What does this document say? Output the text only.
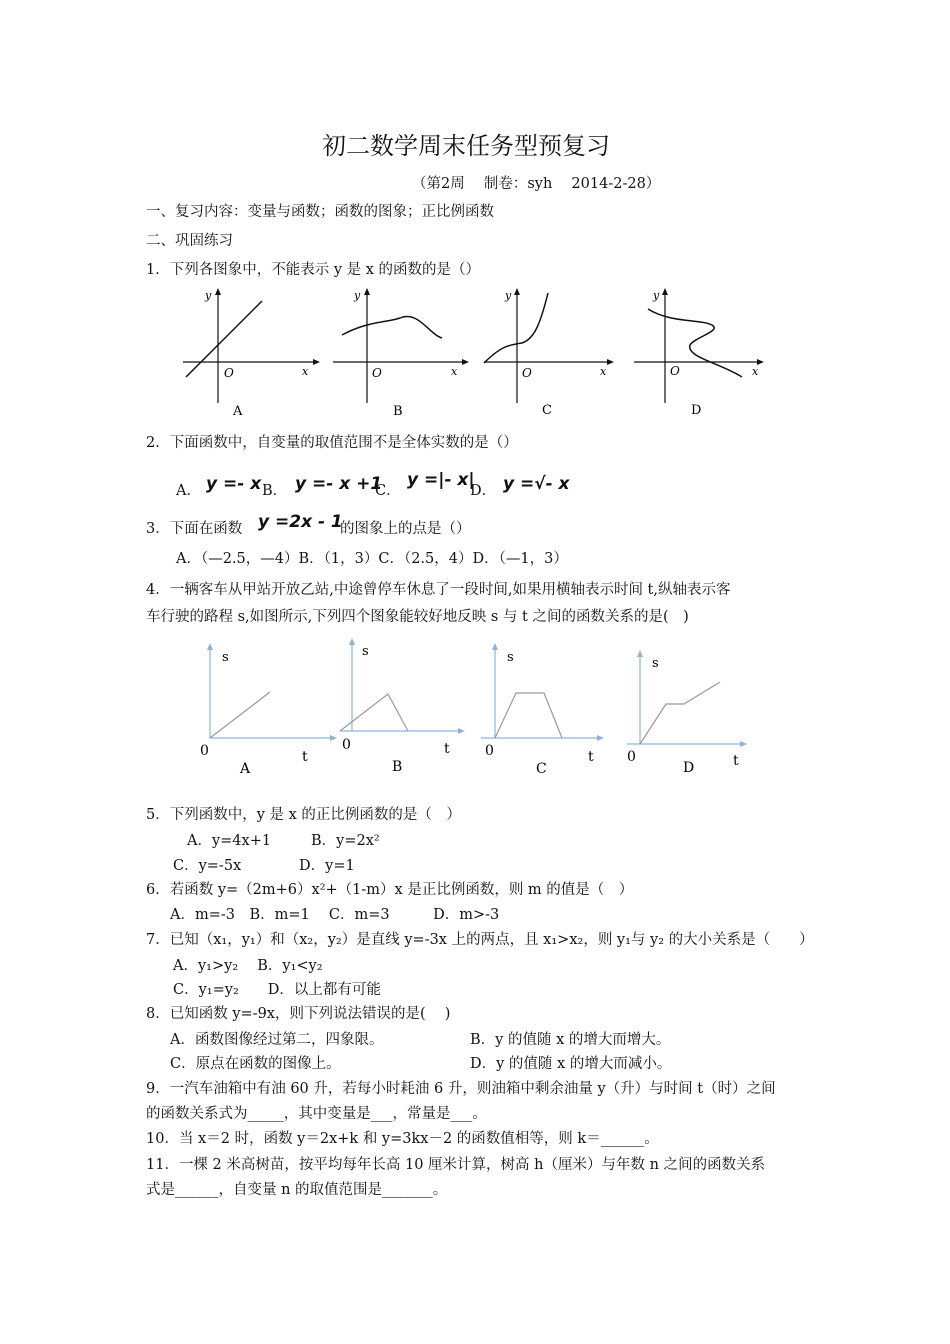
初二数学周末任务型预复习
（第2周　 制卷：syh　 2014-2-28）
一、复习内容：变量与函数；函数的图象；正比例函数
二、巩固练习
1．下列各图象中，不能表示 y 是 x 的函数的是（）
y
x
O
A
y
x
O
B
y
x
O
C
y
x
O
D
2．下面函数中，自变量的取值范围不是全体实数的是（）
A． y =- x B． y =- x +1
C．
y =|- x|
D． y =√- x
3．下面在函数 y =2x - 1
的图象上的点是（）
A．（—2.5，—4）B．（1，3）C．（2.5，4）D．（—1，3）
4．一辆客车从甲站开放乙站,中途曾停车休息了一段时间,如果用横轴表示时间 t,纵轴表示客
车行驶的路程 s,如图所示,下列四个图象能较好地反映 s 与 t 之间的函数关系的是(　)
s
0	t
A
s
0	t
B
s
0	t
C
s
0	t
D
5．下列函数中，y 是 x 的正比例函数的是（　）
A．y=4x+1	B．y=2x²
C．y=-5x	D．y=1
6．若函数 y=（2m+6）x²+（1-m）x 是正比例函数，则 m 的值是（　）
A．m=-3　B．m=1　 C．m=3　　　D．m>-3
7．已知（x₁，y₁）和（x₂，y₂）是直线 y=-3x 上的两点，且 x₁>x₂，则 y₁与 y₂ 的大小关系是（　　）
A．y₁>y₂　 B．y₁<y₂
C．y₁=y₂　　D．以上都有可能
8．已知函数 y=-9x，则下列说法错误的是(　 )
A．函数图像经过第二，四象限。	B．y 的值随 x 的增大而增大。
C．原点在函数的图像上。	D．y 的值随 x 的增大而减小。
9．一汽车油箱中有油 60 升，若每小时耗油 6 升，则油箱中剩余油量 y（升）与时间 t（时）之间
的函数关系式为_____，其中变量是___，常量是___。
10．当 x＝2 时，函数 y＝2x+k 和 y=3kx－2 的函数值相等，则 k＝______。
11．一棵 2 米高树苗，按平均每年长高 10 厘米计算，树高 h（厘米）与年数 n 之间的函数关系
式是______，自变量 n 的取值范围是_______。
